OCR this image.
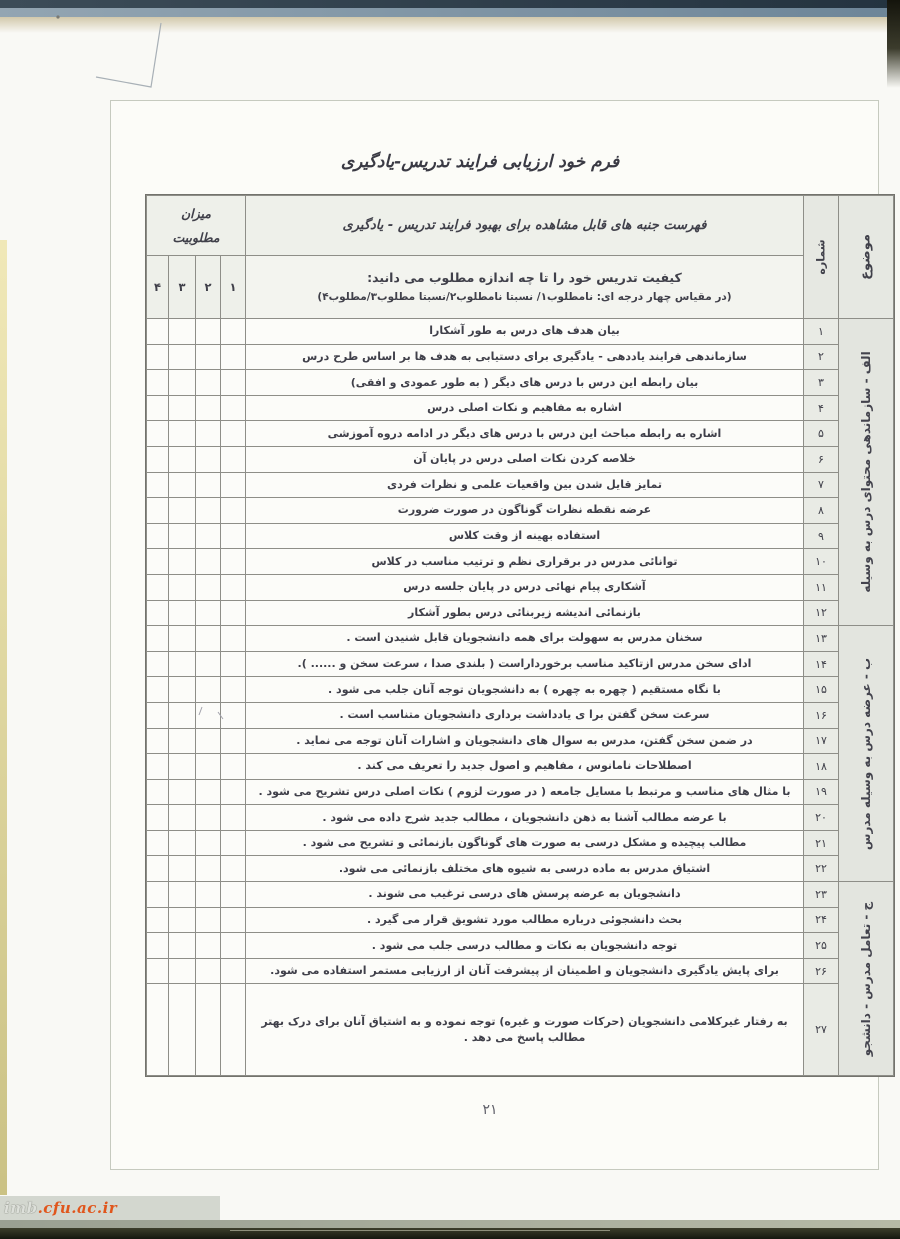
فرم خود ارزیابی فرایند تدریس-یادگیری
موضوع	شماره	فهرست جنبه های قابل مشاهده برای بهبود فرایند تدریس - یادگیری	میزان مطلوبیت			

		کیفیت تدریس خود را تا چه اندازه مطلوب می دانید:
(در مقیاس چهار درجه ای: نامطلوب۱/ نسبتا نامطلوب۲/نسبتا مطلوب۳/مطلوب۴)	۱	۲	۳	۴

الف - سازماندهی محتوای درس به وسیله	۱	بیان هدف های درس به طور آشکارا				
	۲	سازماندهی فرایند یاددهی - یادگیری برای دستیابی به هدف ها بر اساس طرح درس				
	۳	بیان رابطه این درس با درس های دیگر ( به طور عمودی و افقی)				
	۴	اشاره به مفاهیم و نکات اصلی درس				
	۵	اشاره به رابطه مباحث این درس با درس های دیگر در ادامه دروه آموزشی				
	۶	خلاصه کردن نکات اصلی درس در پایان آن				
	۷	تمایز قایل شدن بین واقعیات علمی و نظرات فردی				
	۸	عرضه نقطه نظرات گوناگون در صورت ضرورت				
	۹	استفاده بهینه از وقت کلاس				
	۱۰	توانائی مدرس در برقراری نظم و ترتیب مناسب در کلاس				
	۱۱	آشکاری پیام نهائی درس در پایان جلسه درس				
	۱۲	بازنمائی اندیشه زیربنائی درس بطور آشکار				

ب - عرضه درس به وسیله مدرس	۱۳	سخنان مدرس به سهولت برای همه دانشجویان قابل شنیدن است .				
	۱۴	ادای سخن مدرس ازتاکید مناسب برخورداراست ( بلندی صدا ، سرعت سخن و ...... ).				
	۱۵	با نگاه مستقیم ( چهره به چهره ) به دانشجویان توجه آنان جلب می شود .				
	۱۶	سرعت سخن گفتن برا ی یادداشت برداری دانشجویان متناسب است .				
	۱۷	در ضمن سخن گفتن، مدرس به سوال های دانشجویان و اشارات آنان توجه می نماید .				
	۱۸	اصطلاحات نامانوس ، مفاهیم و اصول جدید را تعریف می کند .				
	۱۹	با مثال های مناسب و مرتبط با مسایل جامعه ( در صورت لزوم ) نکات اصلی درس تشریح می شود .				
	۲۰	با عرضه مطالب آشنا به ذهن دانشجویان ، مطالب جدید شرح داده می شود .				
	۲۱	مطالب پیچیده و مشکل درسی به صورت های گوناگون بازنمائی و تشریح می شود .				
	۲۲	اشتیاق مدرس به ماده درسی به شیوه های مختلف بازنمائی می شود.				

ج - تعامل مدرس - دانشجو	۲۳	دانشجویان به عرضه پرسش های درسی ترغیب می شوند .				
	۲۴	بحث دانشجوئی درباره مطالب مورد تشویق قرار می گیرد .				
	۲۵	توجه دانشجویان به نکات و مطالب درسی جلب می شود .				
	۲۶	برای پایش یادگیری دانشجویان و اطمینان از پیشرفت آنان از ارزیابی مستمر استفاده می شود.				
	۲۷	به رفتار غیرکلامی دانشجویان (حرکات صورت و غیره) توجه نموده و به اشتیاق آنان برای درک بهتر مطالب پاسخ می دهد .				
۲۱
imb.cfu.ac.ir
